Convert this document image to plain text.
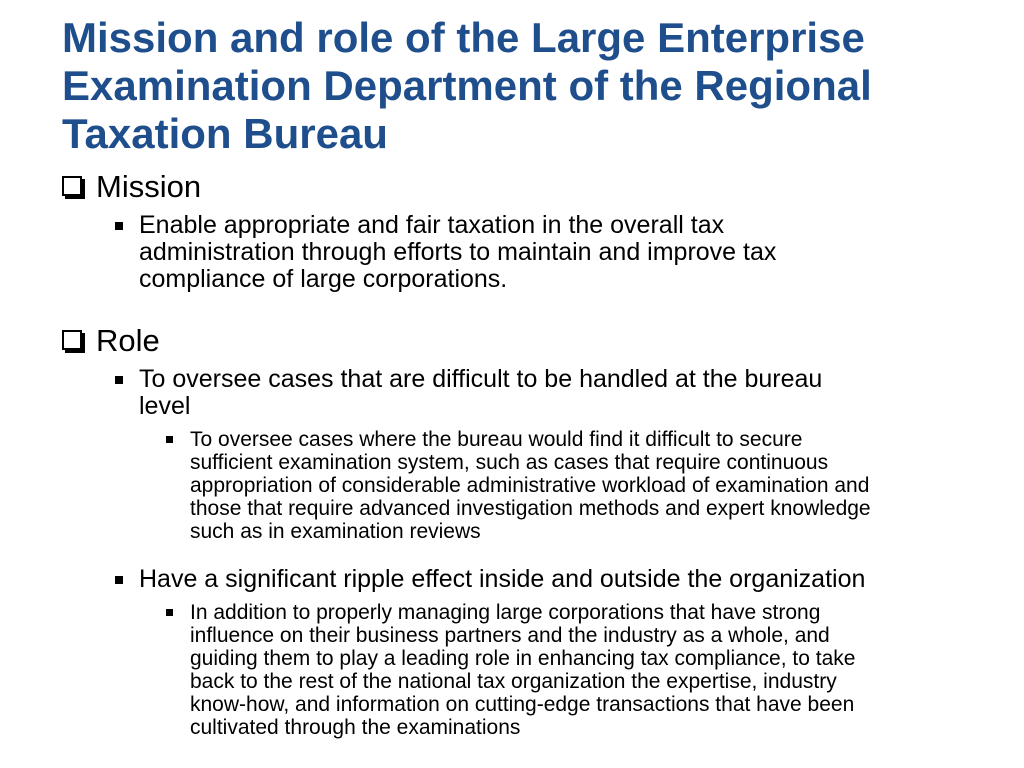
Mission and role of the Large Enterprise
Examination Department of the Regional
Taxation Bureau
Mission
Enable appropriate and fair taxation in the overall tax
administration through efforts to maintain and improve tax
compliance of large corporations.
Role
To oversee cases that are difficult to be handled at the bureau
level
To oversee cases where the bureau would find it difficult to secure
sufficient examination system, such as cases that require continuous
appropriation of considerable administrative workload of examination and
those that require advanced investigation methods and expert knowledge
such as in examination reviews
Have a significant ripple effect inside and outside the organization
In addition to properly managing large corporations that have strong
influence on their business partners and the industry as a whole, and
guiding them to play a leading role in enhancing tax compliance, to take
back to the rest of the national tax organization the expertise, industry
know-how, and information on cutting-edge transactions that have been
cultivated through the examinations
